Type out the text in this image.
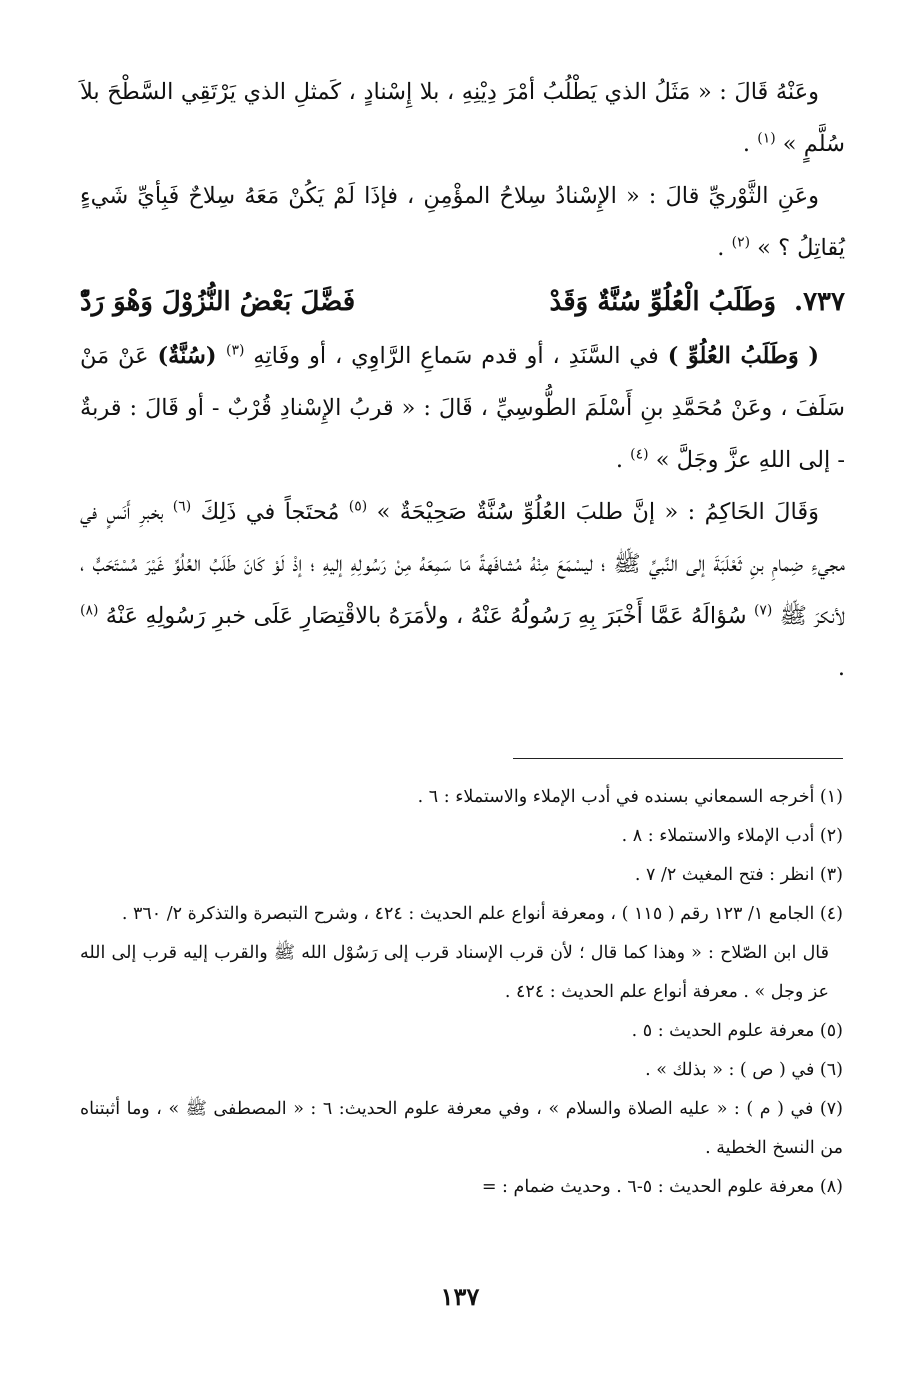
وعَنْهُ قَالَ : « مَثَلُ الذي يَطْلُبُ أمْرَ دِيْنِهِ ، بلا إِسْنادٍ ، كَمثلِ الذي يَرْتَقِي السَّطْحَ بلاَ سُلَّمٍ » $^{(١)}$ .

وعَنِ الثَّوْريِّ قالَ : « الإِسْنادُ سِلاحُ المؤْمِنِ ، فإذَا لَمْ يَكُنْ مَعَهُ سِلاحٌ فَبِأيِّ شَيءٍ يُقاتِلُ ؟ » $^{(٢)}$ .

٧٣٧.
وَطَلَبُ الْعُلُوِّ سُنَّةٌ وَقَدْ
فَضَّلَ بَعْضُ النُّزُوْلَ وَهْوَ رَدّْ

( وَطَلَبُ العُلُوِّ ) في السَّنَدِ ، أو قدم سَماعِ الرَّاوِي ، أو وفَاتِهِ $^{(٣)}$ (سُنَّةٌ) عَنْ مَنْ سَلَفَ ، وعَنْ مُحَمَّدِ بنِ أَسْلَمَ الطُّوسِيِّ ، قَالَ : « قربُ الإِسْنادِ قُرْبٌ - أو قَالَ : قربةٌ - إلى اللهِ عزَّ وجَلَّ » $^{(٤)}$ .

وَقَالَ الحَاكِمُ : « إنَّ طلبَ العُلُوِّ سُنَّةٌ صَحِيْحَةٌ » $^{(٥)}$ مُحتَجاً في ذَلِكَ $^{(٦)}$ بخبرِ أَنَسٍ في مجيءِ ضِمامِ بنِ ثَعْلَبَةَ إلى النَّبيِّ ﷺ ؛ ليسْمَعَ مِنْهُ مُشافَهةً مَا سَمِعَهُ مِنْ رَسُولِهِ إليهِ ؛ إذْ لَوْ كَانَ طَلَبُ العُلُوِّ غَيْرَ مُسْتَحَبٍّ ، لأنكرَ ﷺ $^{(٧)}$ سُؤالَهُ عَمَّا أَخْبَرَ بِهِ رَسُولُهُ عَنْهُ ، ولأمَرَهُ بالاقْتِصَارِ عَلَى خبرِ رَسُولِهِ عَنْهُ $^{(٨)}$ .

(١) أخرجه السمعاني بسنده في أدب الإملاء والاستملاء : ٦ .

(٢) أدب الإملاء والاستملاء : ٨ .

(٣) انظر : فتح المغيث ٢/ ٧ .

(٤) الجامع ١/ ١٢٣ رقم ( ١١٥ ) ، ومعرفة أنواع علم الحديث : ٤٢٤ ، وشرح التبصرة والتذكرة ٢/ ٣٦٠ .

قال ابن الصّلاح : « وهذا كما قال ؛ لأن قرب الإسناد قرب إلى رَسُوْل الله ﷺ والقرب إليه قرب إلى الله عز وجل » . معرفة أنواع علم الحديث : ٤٢٤ .

(٥) معرفة علوم الحديث : ٥ .

(٦) في ( ص ) : « بذلك » .

(٧) في ( م ) : « عليه الصلاة والسلام » ، وفي معرفة علوم الحديث: ٦ : « المصطفى ﷺ » ، وما أثبتناه من النسخ الخطية .

(٨) معرفة علوم الحديث : ٥-٦ . وحديث ضمام : =

١٣٧
